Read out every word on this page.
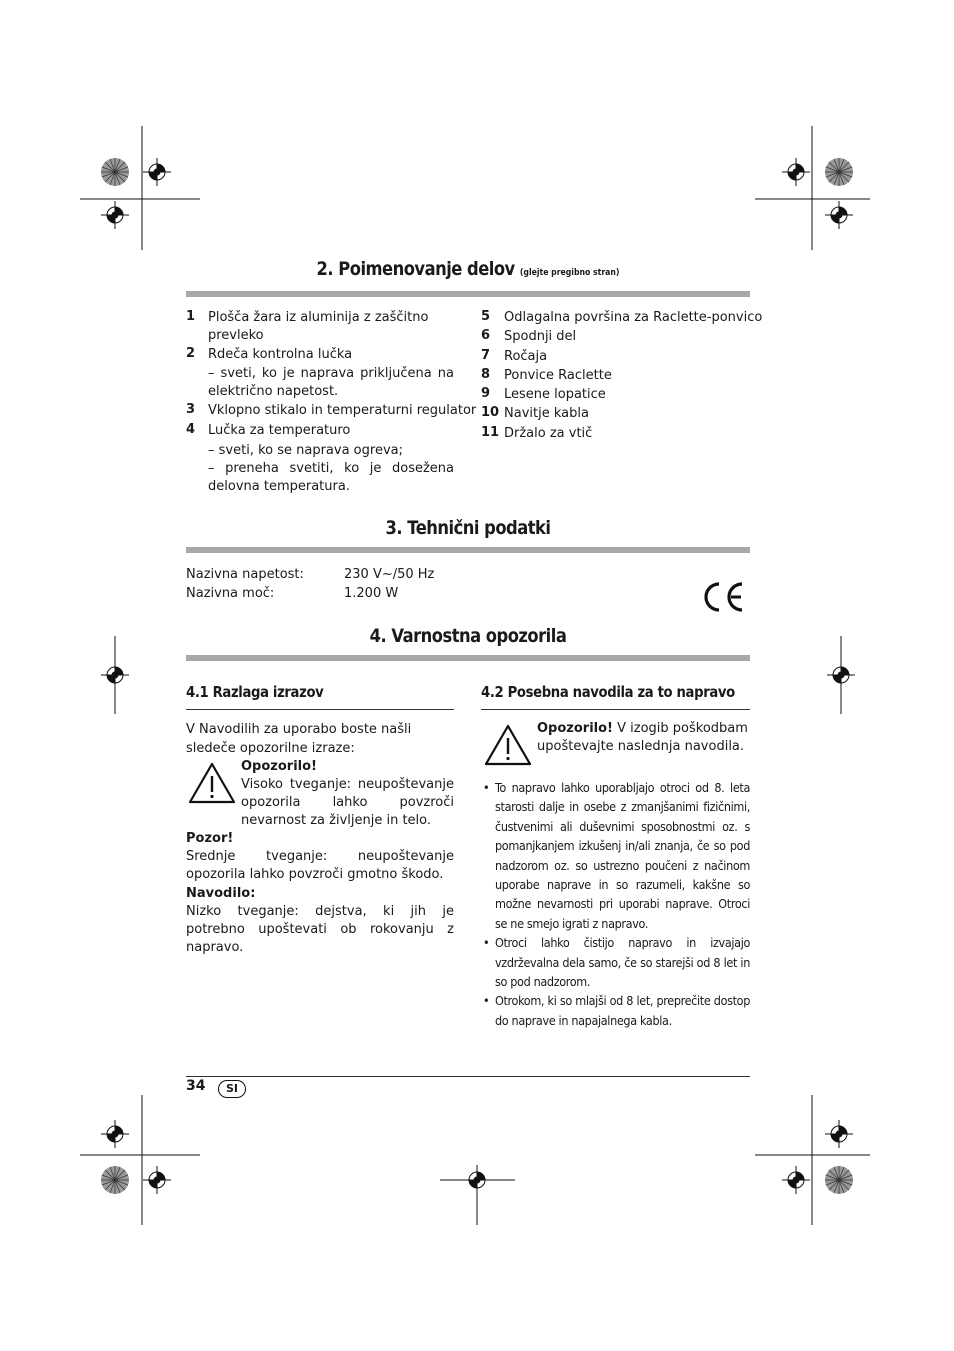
2. Poimenovanje delov (glejte pregibno stran)
1 Plošča žara iz aluminija z zaščitno prevleko
2 Rdeča kontrolna lučka
– sveti, ko je naprava priključena na električno napetost.
3 Vklopno stikalo in temperaturni regulator
4 Lučka za temperaturo
– sveti, ko se naprava ogreva;
– preneha svetiti, ko je dosežena delovna temperatura.
5 Odlagalna površina za Raclette-ponvico
6 Spodnji del
7 Ročaja
8 Ponvice Raclette
9 Lesene lopatice
10 Navitje kabla
11 Držalo za vtič
3. Tehnični podatki
Nazivna napetost:	230 V~/50 Hz
Nazivna moč:	1.200 W
4. Varnostna opozorila
4.1 Razlaga izrazov
V Navodilih za uporabo boste našli sledeče opozorilne izraze:
Opozorilo!
Visoko tveganje: neupoštevanje opozorila lahko povzroči nevarnost za življenje in telo.
Pozor!
Srednje tveganje: neupoštevanje opozorila lahko povzroči gmotno škodo.
Navodilo:
Nizko tveganje: dejstva, ki jih je potrebno upoštevati ob rokovanju z napravo.
4.2 Posebna navodila za to napravo
Opozorilo! V izogib poškodbam upoštevajte naslednja navodila.
• To napravo lahko uporabljajo otroci od 8. leta starosti dalje in osebe z zmanjšanimi fizičnimi, čustvenimi ali duševnimi sposobnostmi oz. s pomanjkanjem izkušenj in/ali znanja, če so pod nadzorom oz. so ustrezno poučeni z načinom uporabe naprave in so razumeli, kakšne so možne nevarnosti pri uporabi naprave. Otroci se ne smejo igrati z napravo.
• Otroci lahko čistijo napravo in izvajajo vzdrževalna dela samo, če so starejši od 8 let in so pod nadzorom.
• Otrokom, ki so mlajši od 8 let, preprečite dostop do naprave in napajalnega kabla.
34	SI
